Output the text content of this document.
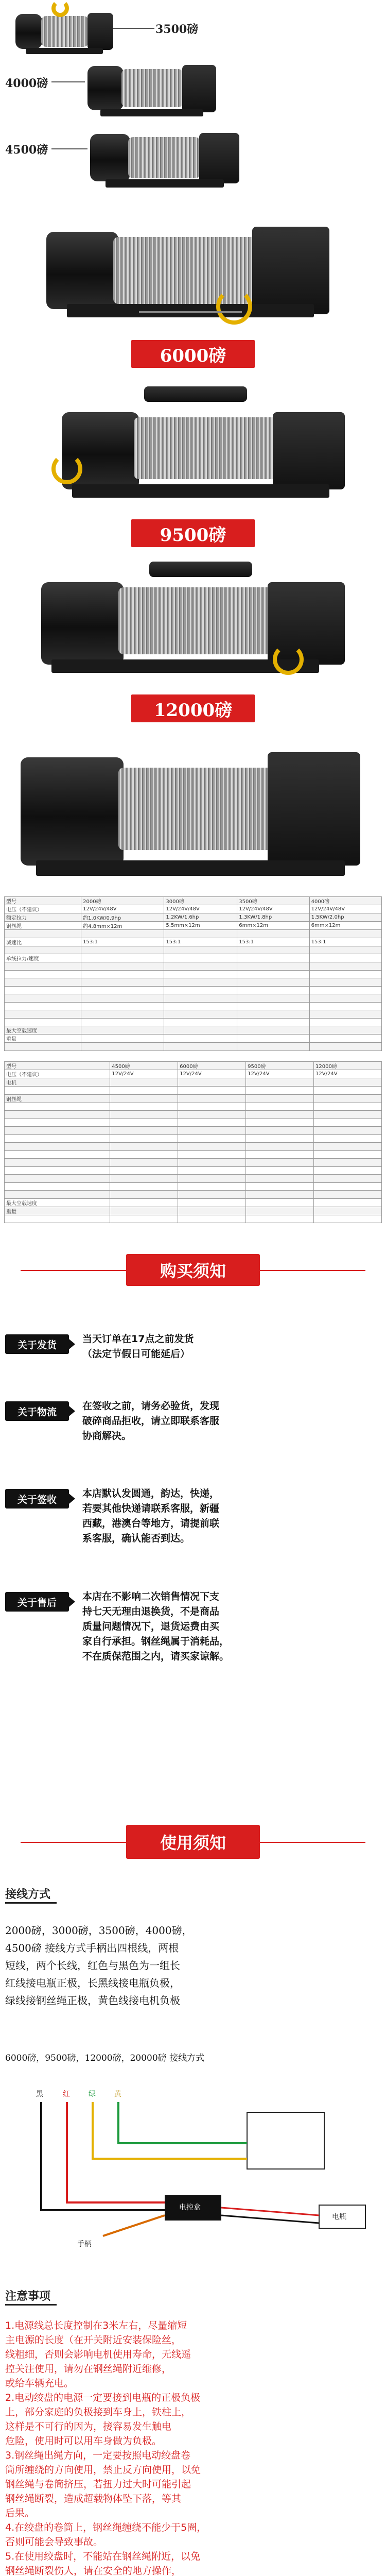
3500磅
4000磅
4500磅
6000磅
9500磅
12000磅
型号	2000磅	3000磅	3500磅	4000磅
电压（不建议）	12V/24V/48V	12V/24V/48V	12V/24V/48V	12V/24V/48V
额定拉力	约1.0KW/0.9hp	1.2KW/1.6hp	1.3KW/1.8hp	1.5KW/2.0hp
钢丝绳	约4.8mm×12m	5.5mm×12m	6mm×12m	6mm×12m

减速比	153:1	153:1	153:1	153:1

单线拉力/速度				

最大空载速度				
重量				

型号	4500磅	6000磅	9500磅	12000磅
电压（不建议）	12V/24V	12V/24V	12V/24V	12V/24V
电机				

钢丝绳				

最大空载速度				
重量				

购买须知
关于发货
当天订单在17点之前发货
（法定节假日可能延后）
关于物流
在签收之前，请务必验货，发现
破碎商品拒收，请立即联系客服
协商解决。
关于签收
本店默认发圆通，韵达，快递，
若要其他快递请联系客服，新疆
西藏，港澳台等地方，请提前联
系客服，确认能否到达。
关于售后
本店在不影响二次销售情况下支
持七天无理由退换货，不是商品
质量问题情况下，退货运费由买
家自行承担。钢丝绳属于消耗品，
不在质保范围之内，请买家谅解。
使用须知
接线方式
2000磅，3000磅，3500磅，4000磅，
4500磅 接线方式手柄出四根线，两根
短线，两个长线，红色与黑色为一组长
红线接电瓶正极，长黑线接电瓶负极，
绿线接钢丝绳正极，黄色线接电机负极
6000磅，9500磅，12000磅，20000磅 接线方式
黑	红	绿	黄
电控盒
电瓶
手柄
注意事项
1.电源线总长度控制在3米左右，尽量缩短
主电源的长度（在开关附近安装保险丝，
线粗细，否则会影响电机使用寿命，无线遥
控关注使用，请勿在钢丝绳附近维修，
或给车辆充电。
2.电动绞盘的电源一定要接到电瓶的正极负极
上，部分家庭的负极接到车身上，铁柱上，
这样是不可行的因为，接容易发生触电
危险，使用时可以用车身做为负极。
3.钢丝绳出绳方向，一定要按照电动绞盘卷
筒所缠绕的方向使用，禁止反方向使用，以免
钢丝绳与卷筒挤压，若扭力过大时可能引起
钢丝绳断裂，造成超载物体坠下落，等其
后果。
4.在绞盘的卷筒上，钢丝绳缠绕不能少于5圈，
否则可能会导致事故。
5.在使用绞盘时，不能站在钢丝绳附近，以免
钢丝绳断裂伤人，请在安全的地方操作，
